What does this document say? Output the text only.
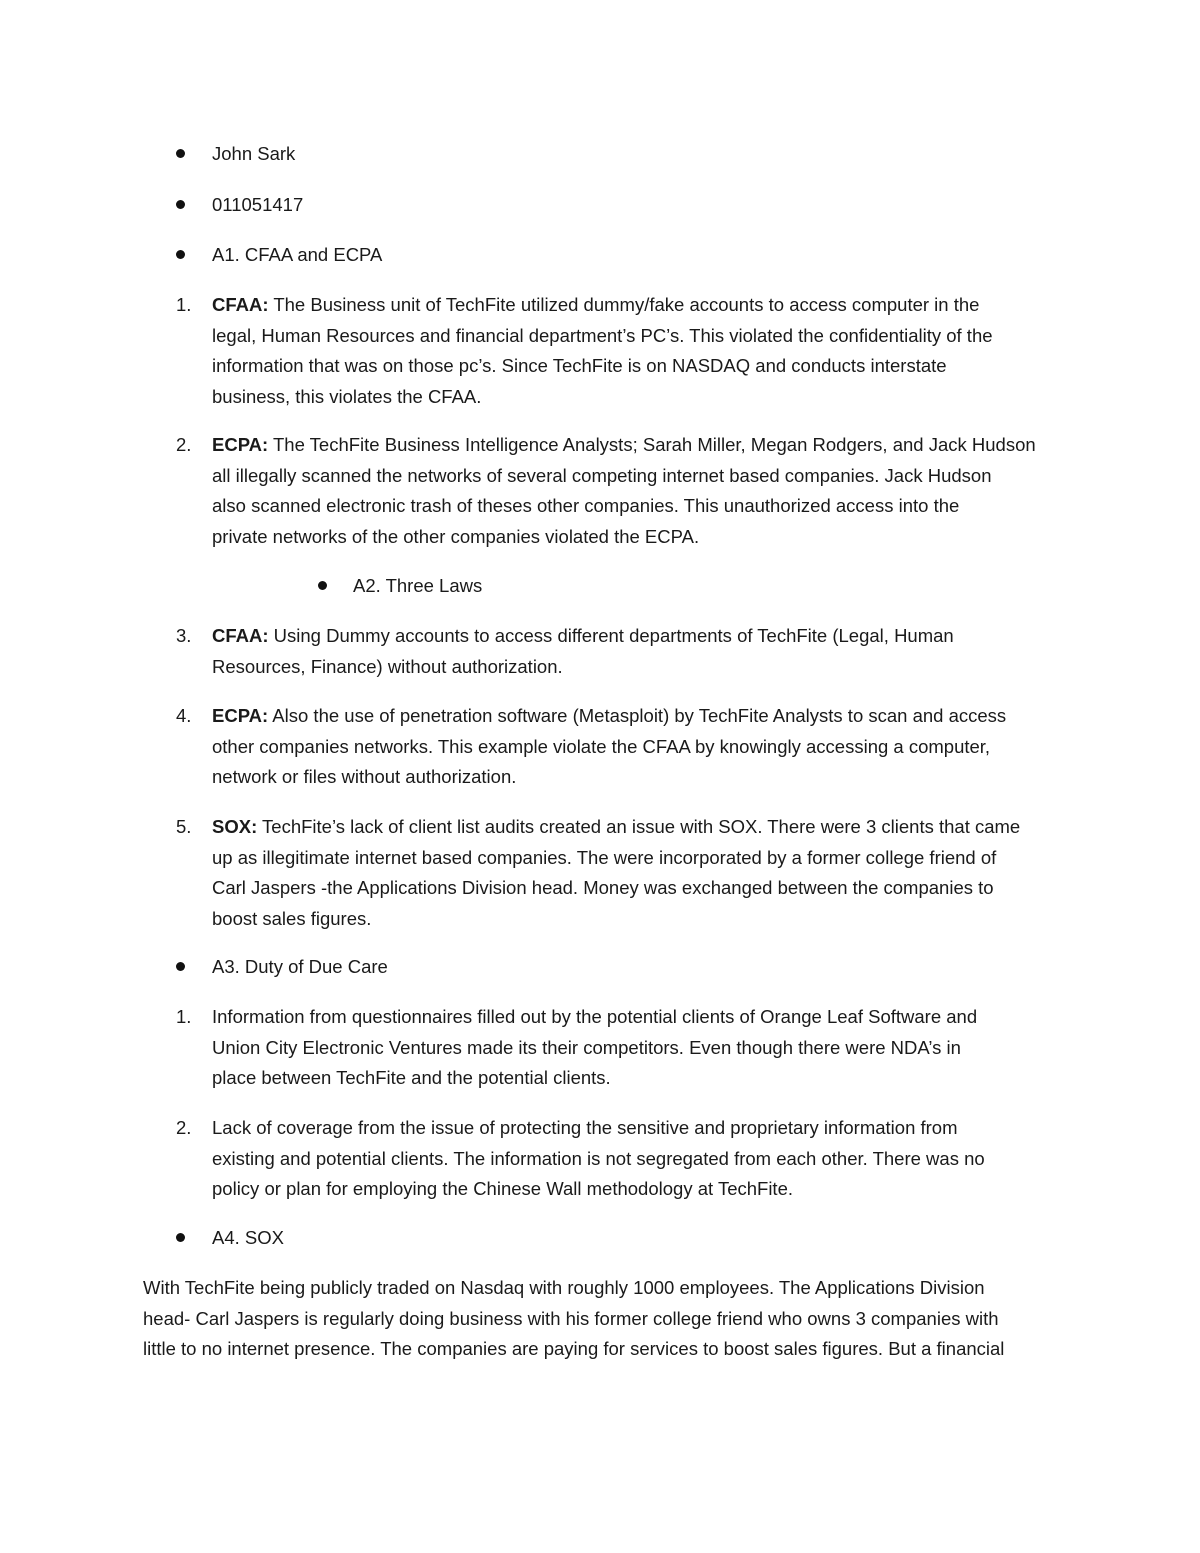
John Sark
011051417
A1. CFAA and ECPA
1. CFAA: The Business unit of TechFite utilized dummy/fake accounts to access computer in the
legal, Human Resources and financial department’s PC’s. This violated the confidentiality of the
information that was on those pc’s. Since TechFite is on NASDAQ and conducts interstate
business, this violates the CFAA.
2. ECPA: The TechFite Business Intelligence Analysts; Sarah Miller, Megan Rodgers, and Jack Hudson
all illegally scanned the networks of several competing internet based companies. Jack Hudson
also scanned electronic trash of theses other companies. This unauthorized access into the
private networks of the other companies violated the ECPA.
A2. Three Laws
3. CFAA: Using Dummy accounts to access different departments of TechFite (Legal, Human
Resources, Finance) without authorization.
4. ECPA: Also the use of penetration software (Metasploit) by TechFite Analysts to scan and access
other companies networks. This example violate the CFAA by knowingly accessing a computer,
network or files without authorization.
5. SOX: TechFite’s lack of client list audits created an issue with SOX. There were 3 clients that came
up as illegitimate internet based companies. The were incorporated by a former college friend of
Carl Jaspers -the Applications Division head. Money was exchanged between the companies to
boost sales figures.
A3. Duty of Due Care
1. Information from questionnaires filled out by the potential clients of Orange Leaf Software and
Union City Electronic Ventures made its their competitors. Even though there were NDA’s in
place between TechFite and the potential clients.
2. Lack of coverage from the issue of protecting the sensitive and proprietary information from
existing and potential clients. The information is not segregated from each other. There was no
policy or plan for employing the Chinese Wall methodology at TechFite.
A4. SOX
With TechFite being publicly traded on Nasdaq with roughly 1000 employees. The Applications Division
head- Carl Jaspers is regularly doing business with his former college friend who owns 3 companies with
little to no internet presence. The companies are paying for services to boost sales figures. But a financial
